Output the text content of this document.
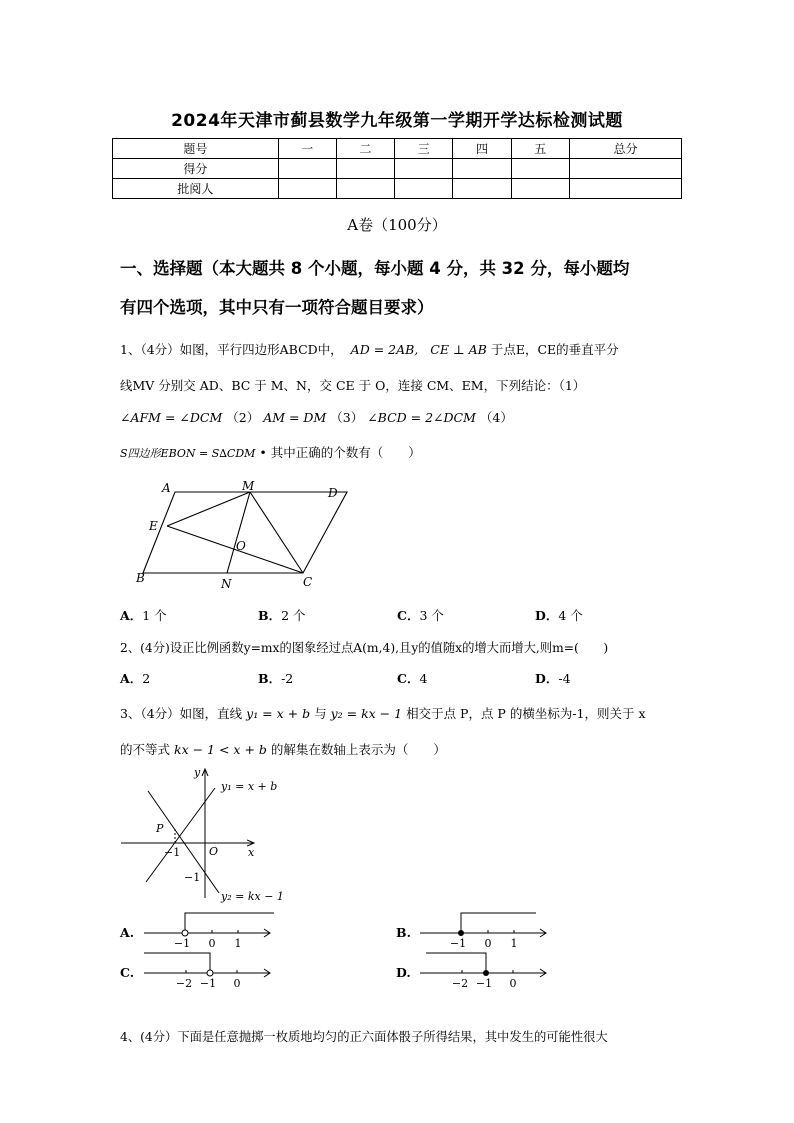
2024年天津市蓟县数学九年级第一学期开学达标检测试题
题号	一	二	三	四	五	总分
得分						
批阅人						
A卷（100分）
一、选择题（本大题共 8 个小题，每小题 4 分，共 32 分，每小题均
有四个选项，其中只有一项符合题目要求）
1、（4分）如图，平行四边形ABCD中， AD = 2AB, CE ⊥ AB 于点E，CE的垂直平分
线MV 分别交 AD、BC 于 M、N，交 CE 于 O，连接 CM、EM，下列结论：（1）
∠AFM = ∠DCM （2） AM = DM （3） ∠BCD = 2∠DCM （4）
S四边形EBON = S∆CDM • 其中正确的个数有（　　）
A	M	D
E
O
B	N	C
A．1 个	B．2 个	C．3 个	D．4 个
2、(4分)设正比例函数y=mx的图象经过点A(m,4),且y的值随x的增大而增大,则m=(　　)
A．2	B．-2	C．4	D．-4
3、（4分）如图，直线 y₁ = x + b 与 y₂ = kx − 1 相交于点 P，点 P 的横坐标为-1，则关于 x
的不等式 kx − 1 < x + b 的解集在数轴上表示为（　　）
y
x
y₁ = x + b
y₂ = kx − 1
P
O
−1
−1
A.
−1 0 1
B.
−1 0 1
C.
−2 −1 0
D.
−2 −1 0
4、(4分）下面是任意抛掷一枚质地均匀的正六面体骰子所得结果，其中发生的可能性很大
